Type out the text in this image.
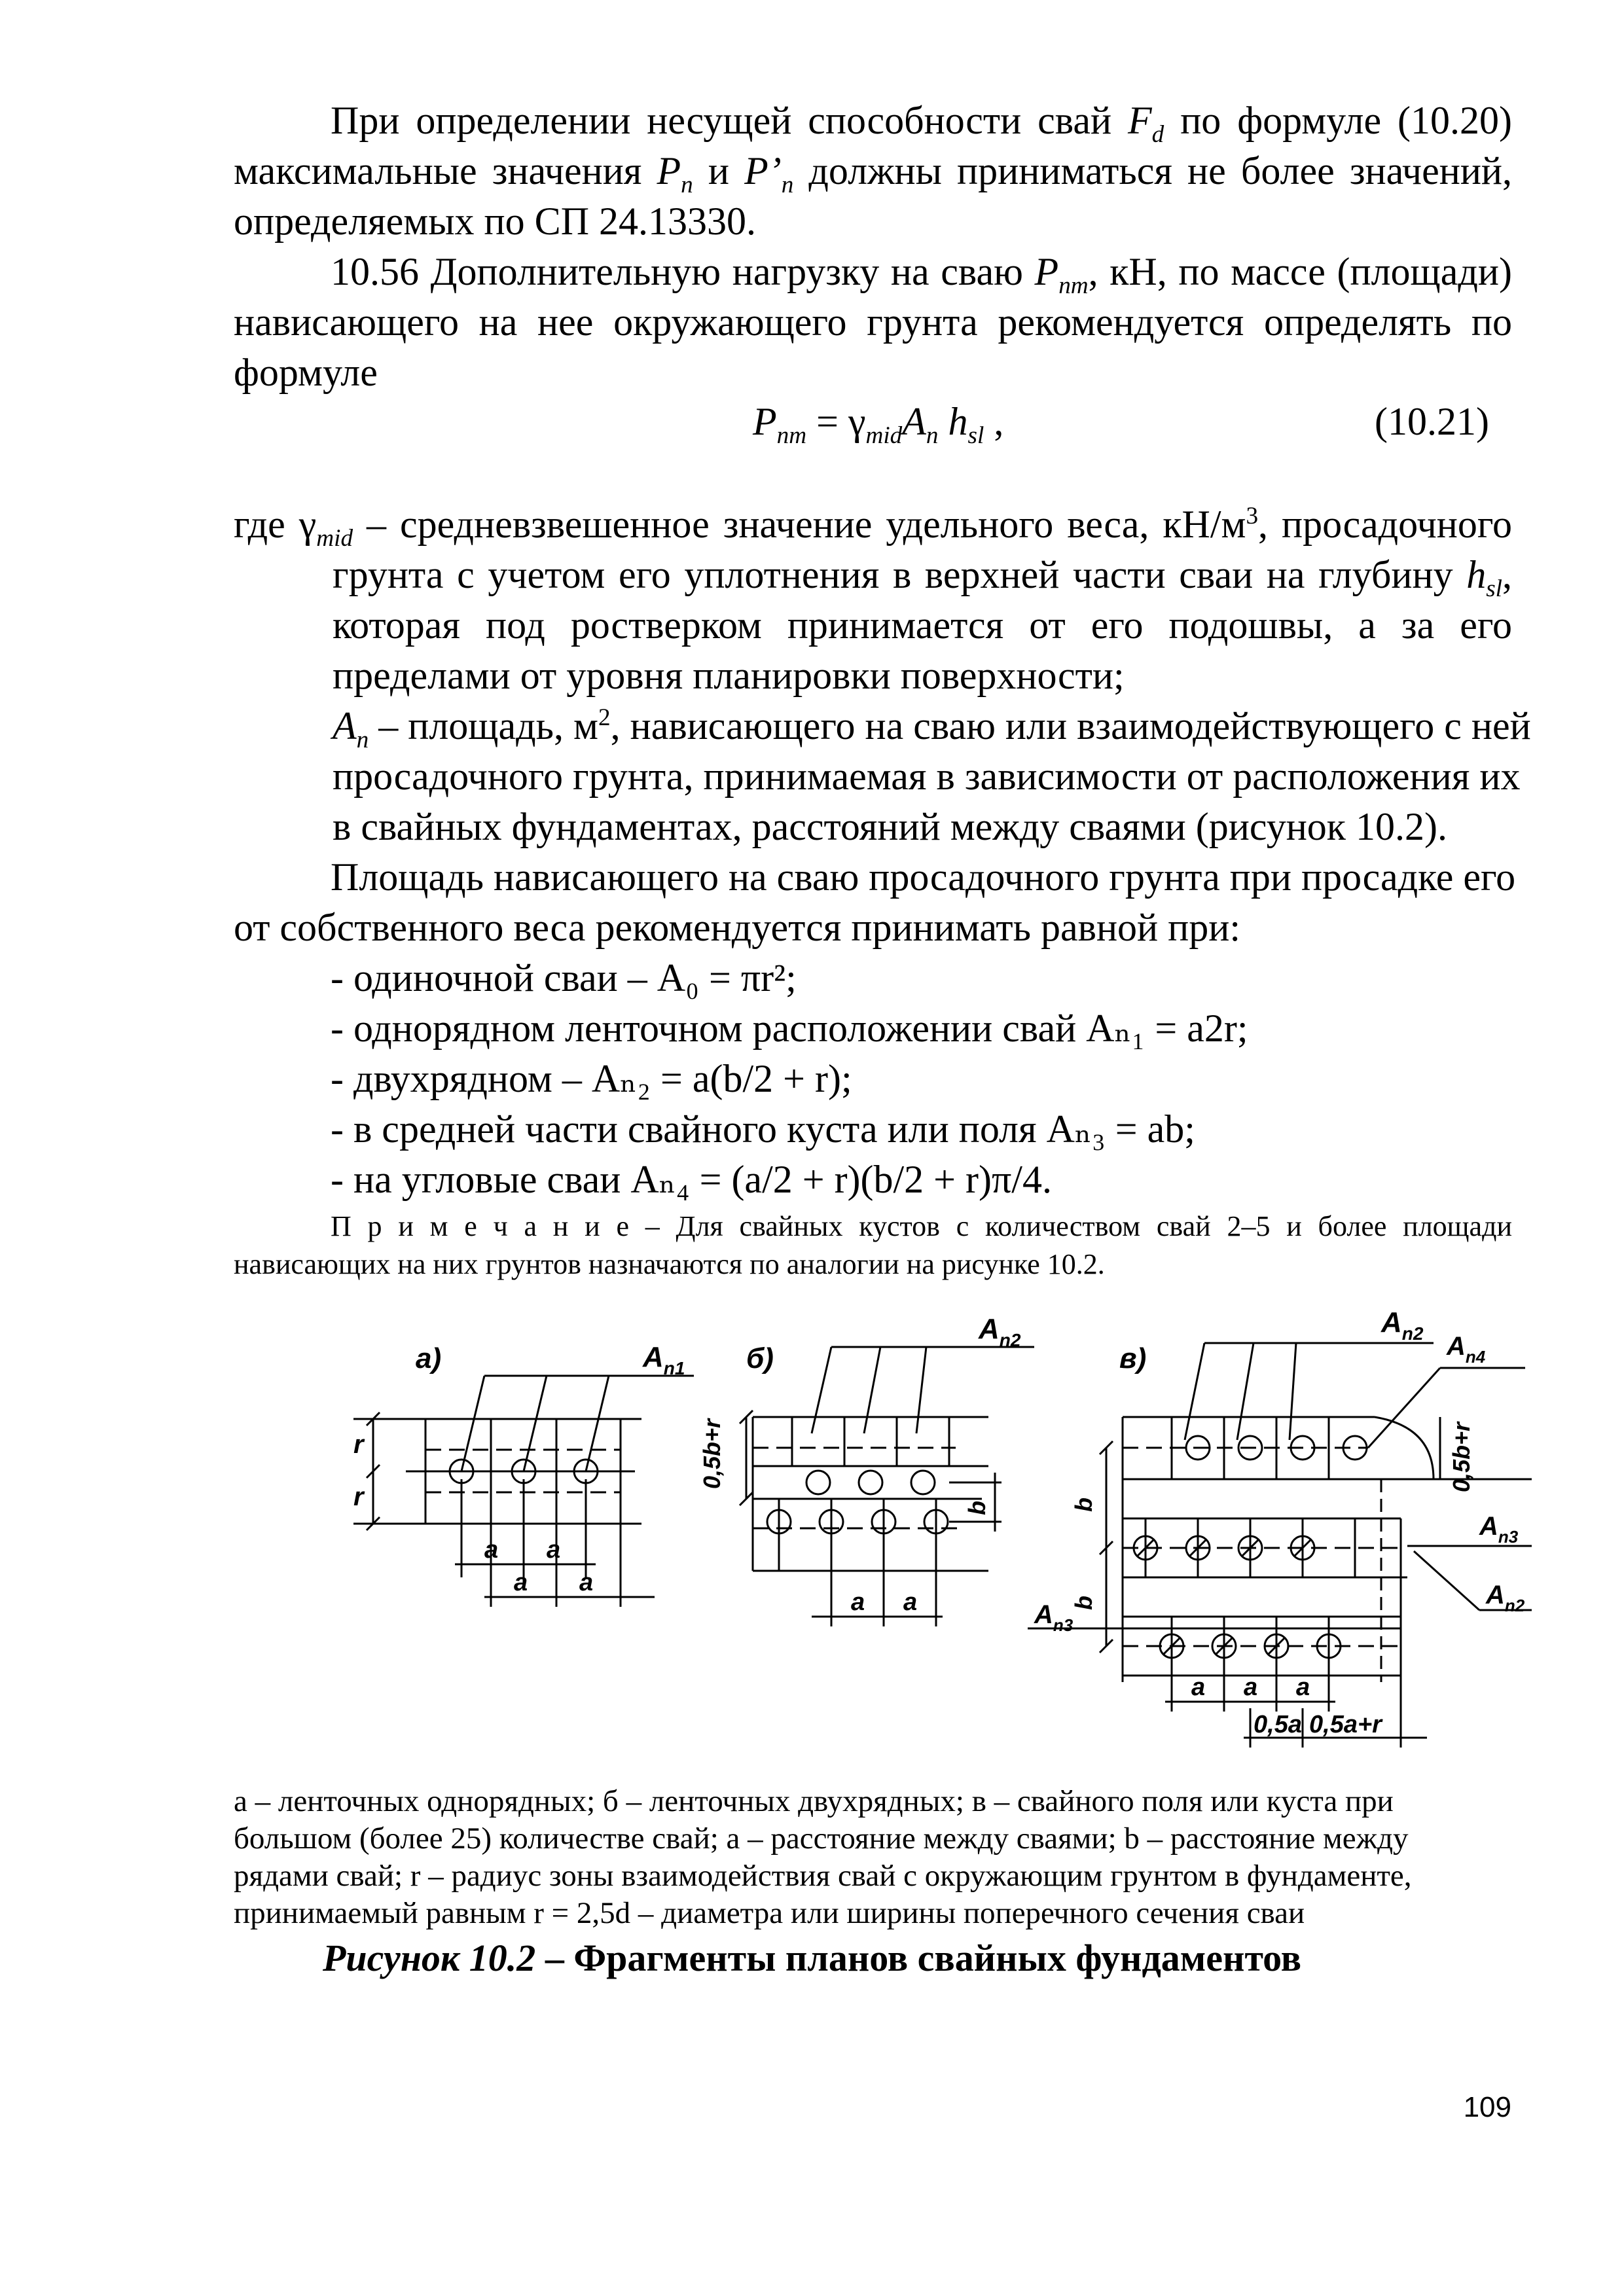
При определении несущей способности свай $F_d$ по формуле (10.20)
максимальные значения $P_n$ и $P’_n$ должны приниматься не более значений,
определяемых по СП 24.13330.
10.56 Дополнительную нагрузку на сваю $P_{nm}$, кН, по массе (площади)
нависающего на нее окружающего грунта рекомендуется определять по
формуле
$P_{nm} = \gamma_{mid}A_n$ $h_{sl}$ ,	(10.21)
где $\gamma_{mid}$ – средневзвешенное значение удельного веса, $кН/м^3$, просадочного
грунта с учетом его уплотнения в верхней части сваи на глубину $h_{sl}$,
которая под ростверком принимается от его подошвы, а за его
пределами от уровня планировки поверхности;
$A_n$ – площадь, $м^2$, нависающего на сваю или взаимодействующего с ней
просадочного грунта, принимаемая в зависимости от расположения их
в свайных фундаментах, расстояний между сваями (рисунок 10.2).
Площадь нависающего на сваю просадочного грунта при просадке его
от собственного веса рекомендуется принимать равной при:
- одиночной сваи – A₀ = πr²;
- однорядном ленточном расположении свай Aₙ₁ = a2r;
- двухрядном – Aₙ₂ = a(b/2 + r);
- в средней части свайного куста или поля Aₙ₃ = ab;
- на угловые сваи Aₙ₄ = (a/2 + r)(b/2 + r)π/4.
П р и м е ч а н и е – Для свайных кустов с количеством свай 2–5 и более площади
нависающих на них грунтов назначаются по аналогии на рисунке 10.2.
а)	$A_{n1}$
r
r
a a
a a
б)
$A_{n2}$
0,5b+r
b
a a
в)
$A_{n2}$ $A_{n4}$
$A_{n3}$
$A_{n2}$
$A_{n3}$
b
b
0,5b+r
a a a
0,5a 0,5a+r
а – ленточных однорядных; б – ленточных двухрядных; в – свайного поля или куста при
большом (более 25) количестве свай; a – расстояние между сваями; b – расстояние между
рядами свай; r – радиус зоны взаимодействия свай с окружающим грунтом в фундаменте,
принимаемый равным r = 2,5d – диаметра или ширины поперечного сечения сваи
Рисунок 10.2 – Фрагменты планов свайных фундаментов
109
